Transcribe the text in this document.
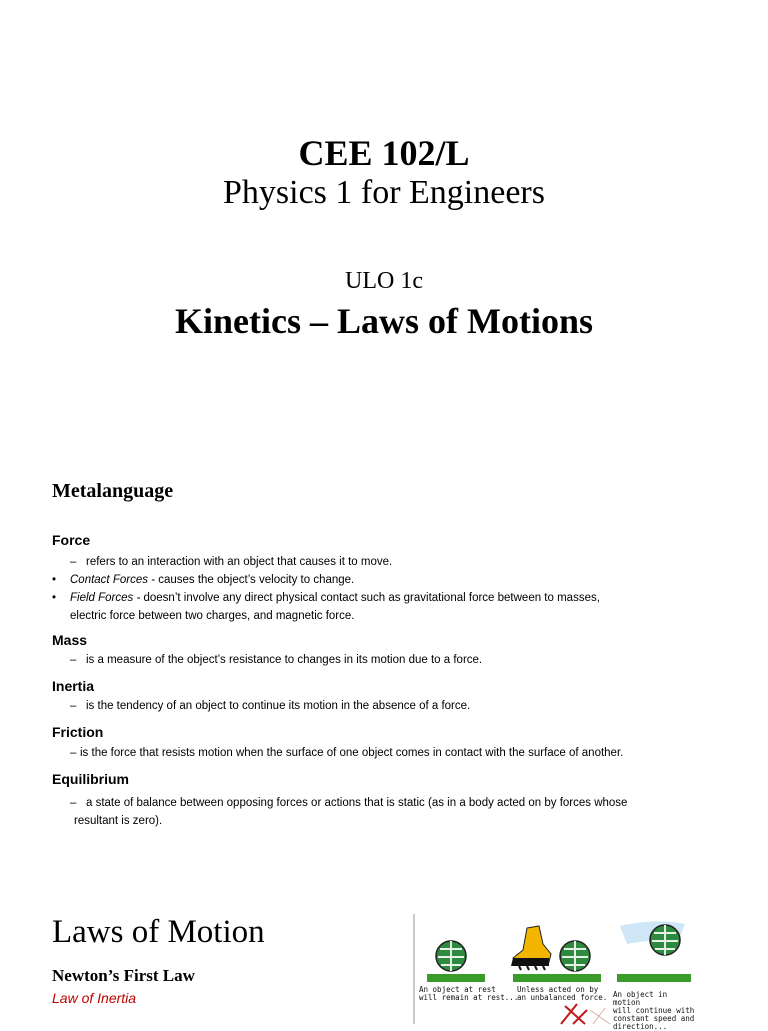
CEE 102/L
Physics 1 for Engineers
ULO 1c
Kinetics – Laws of Motions
Metalanguage
Force
– refers to an interaction with an object that causes it to move.
• Contact Forces - causes the object’s velocity to change.
• Field Forces - doesn’t involve any direct physical contact such as gravitational force between to masses,
electric force between two charges, and magnetic force.
Mass
– is a measure of the object’s resistance to changes in its motion due to a force.
Inertia
– is the tendency of an object to continue its motion in the absence of a force.
Friction
– is the force that resists motion when the surface of one object comes in contact with the surface of another.
Equilibrium
– a state of balance between opposing forces or actions that is static (as in a body acted on by forces whose
resultant is zero).
Laws of Motion
Newton’s First Law
Law of Inertia
An object at rest
will remain at rest...
Unless acted on by
an unbalanced force. An object in motion
will continue with
constant speed and
direction...
